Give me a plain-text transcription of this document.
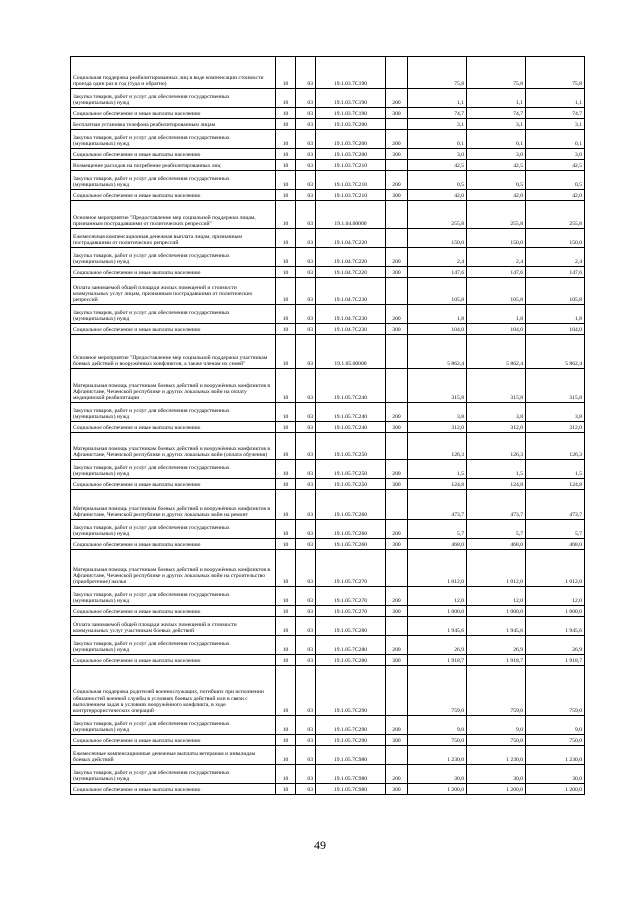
Социальная поддержка реабилитированных лиц в виде компенсации стоимости проезда один раз в год (туда и обратно)	10	03	19.1.03.7С190		75,8	75,8	75,8
Закупка товаров, работ и услуг для обеспечения государственных (муниципальных) нужд	10	03	19.1.03.7С190	200	1,1	1,1	1,1
Социальное обеспечение и иные выплаты населению	10	03	19.1.03.7С190	300	74,7	74,7	74,7
Бесплатная установка телефона реабилитированным лицам	10	03	19.1.03.7С200		3,1	3,1	3,1
Закупка товаров, работ и услуг для обеспечения государственных (муниципальных) нужд	10	03	19.1.03.7С200	200	0,1	0,1	0,1
Социальное обеспечение и иные выплаты населению	10	03	19.1.03.7С200	300	3,0	3,0	3,0
Возмещение расходов на погребение реабилитированных лиц	10	03	19.1.03.7С210		42,5	42,5	42,5
Закупка товаров, работ и услуг для обеспечения государственных (муниципальных) нужд	10	03	19.1.03.7С210	200	0,5	0,5	0,5
Социальное обеспечение и иные выплаты населению	10	03	19.1.03.7С210	300	42,0	42,0	42,0
Основное мероприятие "Предоставление мер социальной поддержки лицам, признанным пострадавшими от политических репрессий"	10	03	19.1.04.00000		255,8	255,8	255,8
Ежемесячная компенсационная денежная выплата лицам, признанным пострадавшими от политических репрессий	10	03	19.1.04.7С220		150,0	150,0	150,0
Закупка товаров, работ и услуг для обеспечения государственных (муниципальных) нужд	10	03	19.1.04.7С220	200	2,4	2,4	2,4
Социальное обеспечение и иные выплаты населению	10	03	19.1.04.7С220	300	147,6	147,6	147,6
Оплата занимаемой общей площади жилых помещений и стоимости коммунальных услуг лицам, признанным пострадавшими от политических репрессий	10	03	19.1.04.7С230		105,8	105,8	105,8
Закупка товаров, работ и услуг для обеспечения государственных (муниципальных) нужд	10	03	19.1.04.7С230	200	1,8	1,8	1,8
Социальное обеспечение и иные выплаты населению	10	03	19.1.04.7С230	300	104,0	104,0	104,0
Основное мероприятие "Предоставление мер социальной поддержки участникам боевых действий и вооружённых конфликтов, а также членам их семей"	10	03	19.1.05.00000		5 862,4	5 862,4	5 862,4
Материальная помощь участникам боевых действий и вооружённых конфликтов в Афганистане, Чеченской республике и других локальных войн на оплату медицинской реабилитации	10	03	19.1.05.7С240		315,8	315,8	315,8
Закупка товаров, работ и услуг для обеспечения государственных (муниципальных) нужд	10	03	19.1.05.7С240	200	3,8	3,8	3,8
Социальное обеспечение и иные выплаты населению	10	03	19.1.05.7С240	300	312,0	312,0	312,0
Материальная помощь участникам боевых действий и вооружённых конфликтов в Афганистане, Чеченской республике и других локальных войн (оплата обучения)	10	03	19.1.05.7С250		126,3	126,3	126,3
Закупка товаров, работ и услуг для обеспечения государственных (муниципальных) нужд	10	03	19.1.05.7С250	200	1,5	1,5	1,5
Социальное обеспечение и иные выплаты населению	10	03	19.1.05.7С250	300	124,8	124,8	124,8
Материальная помощь участникам боевых действий и вооружённых конфликтов в Афганистане, Чеченской республике и других локальных войн на ремонт	10	03	19.1.05.7С260		473,7	473,7	473,7
Закупка товаров, работ и услуг для обеспечения государственных (муниципальных) нужд	10	03	19.1.05.7С260	200	5,7	5,7	5,7
Социальное обеспечение и иные выплаты населению	10	03	19.1.05.7С260	300	468,0	468,0	468,0
Материальная помощь участникам боевых действий и вооружённых конфликтов в Афганистане, Чеченской республике и других локальных войн на строительство (приобретение) жилья	10	03	19.1.05.7С270		1 012,0	1 012,0	1 012,0
Закупка товаров, работ и услуг для обеспечения государственных (муниципальных) нужд	10	03	19.1.05.7С270	200	12,0	12,0	12,0
Социальное обеспечение и иные выплаты населению	10	03	19.1.05.7С270	300	1 000,0	1 000,0	1 000,0
Оплата занимаемой общей площади жилых помещений и стоимости коммунальных услуг участникам боевых действий	10	03	19.1.05.7С280		1 945,6	1 945,6	1 945,6
Закупка товаров, работ и услуг для обеспечения государственных (муниципальных) нужд	10	03	19.1.05.7С280	200	26,9	26,9	26,9
Социальное обеспечение и иные выплаты населению	10	03	19.1.05.7С280	300	1 918,7	1 918,7	1 918,7
Социальная поддержка родителей военнослужащих, погибших при исполнении обязанностей военной службы в условиях боевых действий или в связи с выполнением задач в условиях вооружённого конфликта, в ходе контртеррористических операций	10	03	19.1.05.7С290		759,0	759,0	759,0
Закупка товаров, работ и услуг для обеспечения государственных (муниципальных) нужд	10	03	19.1.05.7С290	200	9,0	9,0	9,0
Социальное обеспечение и иные выплаты населению	10	03	19.1.05.7С290	300	750,0	750,0	750,0
Ежемесячные компенсационные денежные выплаты ветеранам и инвалидам боевых действий	10	03	19.1.05.7С980		1 230,0	1 230,0	1 230,0
Закупка товаров, работ и услуг для обеспечения государственных (муниципальных) нужд	10	03	19.1.05.7С980	200	30,0	30,0	30,0
Социальное обеспечение и иные выплаты населению	10	03	19.1.05.7С980	300	1 200,0	1 200,0	1 200,0
49
